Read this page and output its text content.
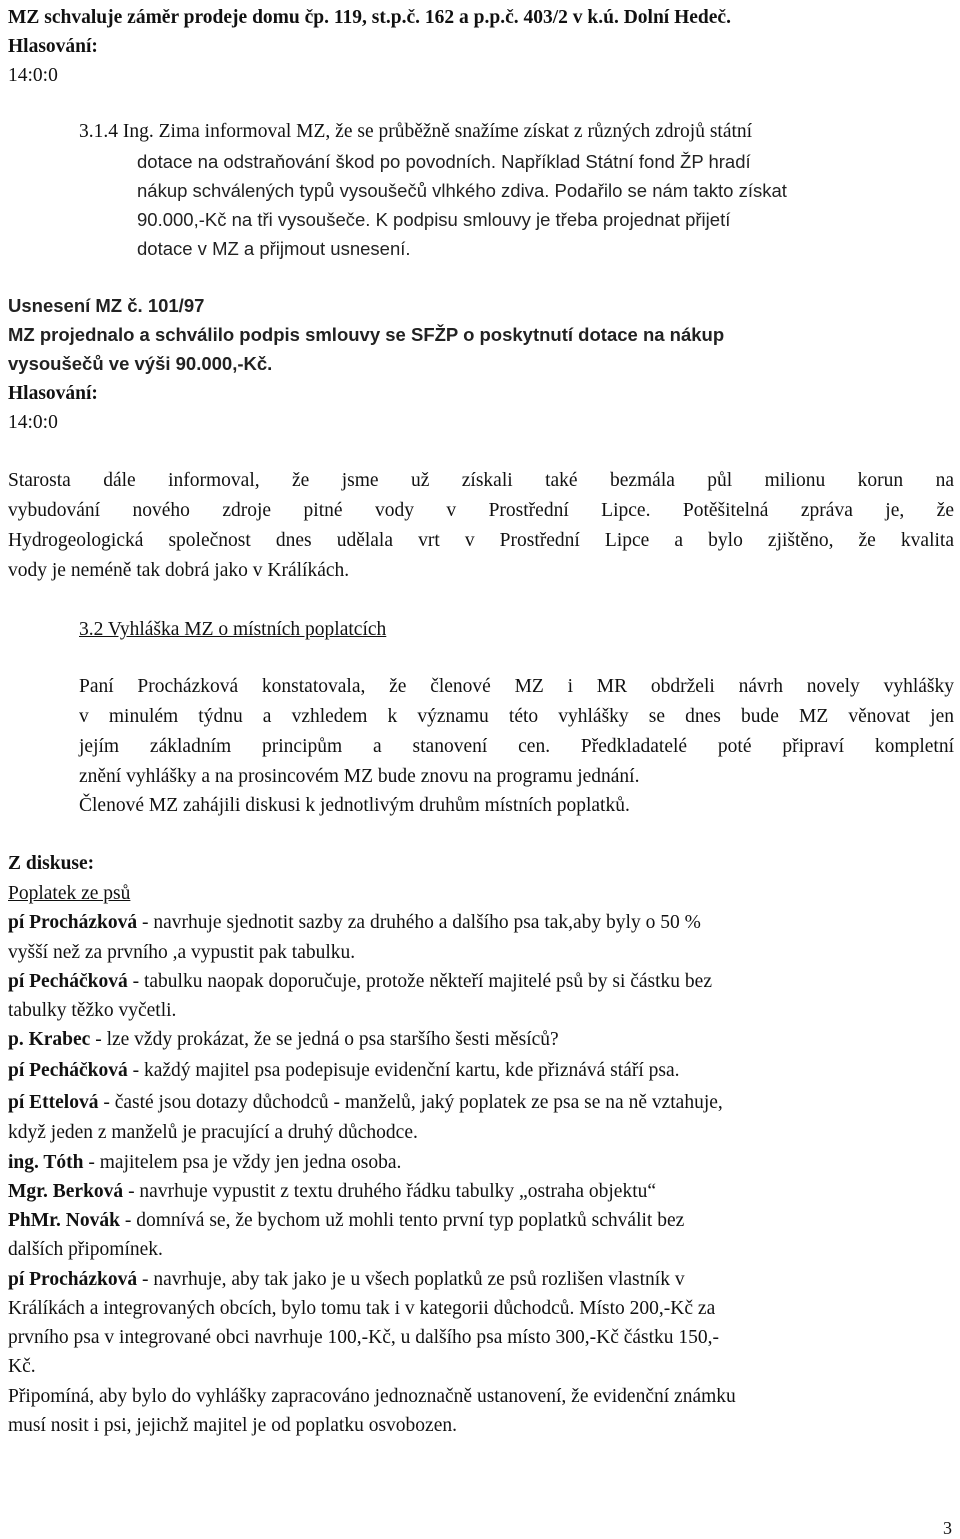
MZ schvaluje záměr prodeje domu čp. 119, st.p.č. 162 a p.p.č. 403/2 v k.ú. Dolní Hedeč.
Hlasování:
14:0:0
3.1.4 Ing. Zima informoval MZ, že se průběžně snažíme získat z různých zdrojů státní
dotace na odstraňování škod po povodních. Například Státní fond ŽP hradí
nákup schválených typů vysoušečů vlhkého zdiva. Podařilo se nám takto získat
90.000,-Kč na tři vysoušeče. K podpisu smlouvy je třeba projednat přijetí
dotace v MZ a přijmout usnesení.
Usnesení MZ č. 101/97
MZ projednalo a schválilo podpis smlouvy se SFŽP o poskytnutí dotace na nákup
vysoušečů ve výši 90.000,-Kč.
Hlasování:
14:0:0
Starosta dále informoval, že jsme už získali také bezmála půl milionu korun na
vybudování nového zdroje pitné vody v Prostřední Lipce. Potěšitelná zpráva je, že
Hydrogeologická společnost dnes udělala vrt v Prostřední Lipce a bylo zjištěno, že kvalita
vody je neméně tak dobrá jako v Králíkách.
3.2 Vyhláška MZ o místních poplatcích
Paní Procházková konstatovala, že členové MZ i MR obdrželi návrh novely vyhlášky
v minulém týdnu a vzhledem k významu této vyhlášky se dnes bude MZ věnovat jen
jejím základním principům a stanovení cen. Předkladatelé poté připraví kompletní
znění vyhlášky a na prosincovém MZ bude znovu na programu jednání.
Členové MZ zahájili diskusi k jednotlivým druhům místních poplatků.
Z diskuse:
Poplatek ze psů
pí Procházková - navrhuje sjednotit sazby za druhého a dalšího psa tak,aby byly o 50 %
vyšší než za prvního ,a vypustit pak tabulku.
pí Pecháčková - tabulku naopak doporučuje, protože někteří majitelé psů by si částku bez
tabulky těžko vyčetli.
p. Krabec - lze vždy prokázat, že se jedná o psa staršího šesti měsíců?
pí Pecháčková - každý majitel psa podepisuje evidenční kartu, kde přiznává stáří psa.
pí Ettelová - časté jsou dotazy důchodců - manželů, jaký poplatek ze psa se na ně vztahuje,
když jeden z manželů je pracující a druhý důchodce.
ing. Tóth - majitelem psa je vždy jen jedna osoba.
Mgr. Berková - navrhuje vypustit z textu druhého řádku tabulky „ostraha objektu“
PhMr. Novák - domnívá se, že bychom už mohli tento první typ poplatků schválit bez
dalších připomínek.
pí Procházková - navrhuje, aby tak jako je u všech poplatků ze psů rozlišen vlastník v
Králíkách a integrovaných obcích, bylo tomu tak i v kategorii důchodců. Místo 200,-Kč za
prvního psa v integrované obci navrhuje 100,-Kč, u dalšího psa místo 300,-Kč částku 150,-
Kč.
Připomíná, aby bylo do vyhlášky zapracováno jednoznačně ustanovení, že evidenční známku
musí nosit i psi, jejichž majitel je od poplatku osvobozen.
3
